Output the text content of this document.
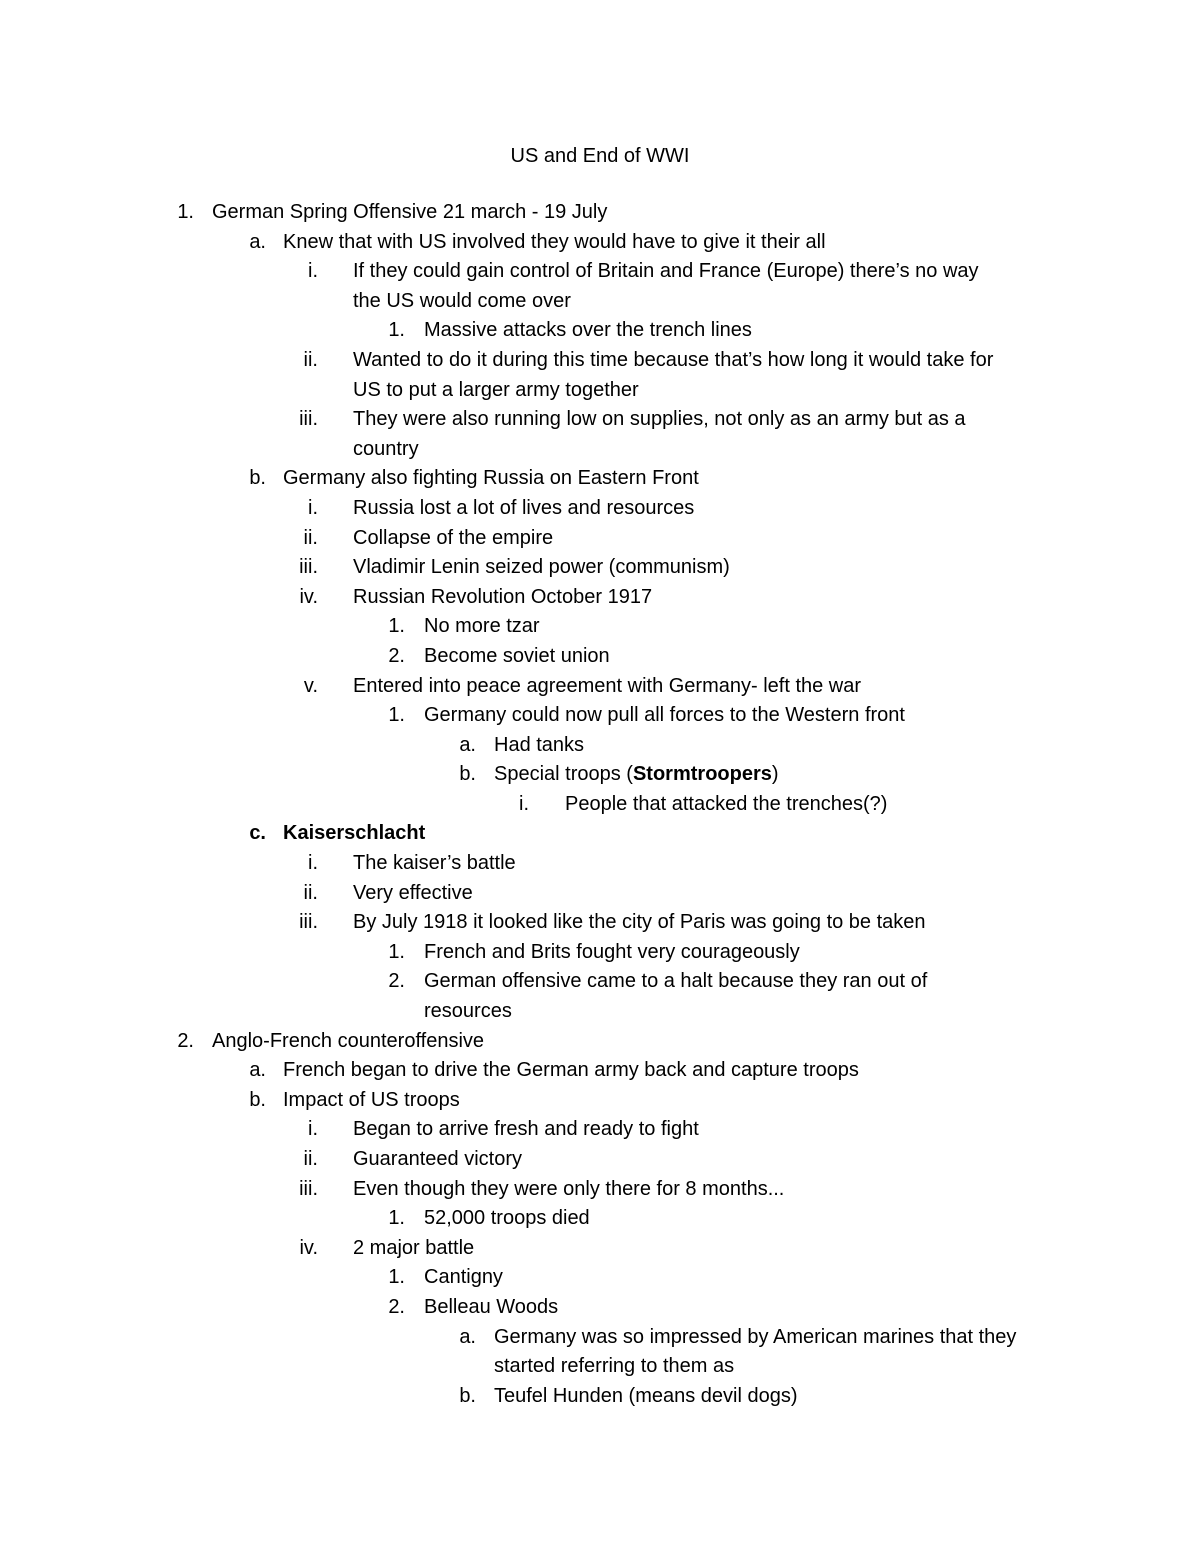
US and End of WWI
1. German Spring Offensive 21 march - 19 July
a. Knew that with US involved they would have to give it their all
i. If they could gain control of Britain and France (Europe) there’s no way
the US would come over
1. Massive attacks over the trench lines
ii. Wanted to do it during this time because that’s how long it would take for
US to put a larger army together
iii. They were also running low on supplies, not only as an army but as a
country
b. Germany also fighting Russia on Eastern Front
i. Russia lost a lot of lives and resources
ii. Collapse of the empire
iii. Vladimir Lenin seized power (communism)
iv. Russian Revolution October 1917
1. No more tzar
2. Become soviet union
v. Entered into peace agreement with Germany- left the war
1. Germany could now pull all forces to the Western front
a. Had tanks
b. Special troops (Stormtroopers)
i. People that attacked the trenches(?)
c. Kaiserschlacht
i. The kaiser’s battle
ii. Very effective
iii. By July 1918 it looked like the city of Paris was going to be taken
1. French and Brits fought very courageously
2. German offensive came to a halt because they ran out of
resources
2. Anglo-French counteroffensive
a. French began to drive the German army back and capture troops
b. Impact of US troops
i. Began to arrive fresh and ready to fight
ii. Guaranteed victory
iii. Even though they were only there for 8 months...
1. 52,000 troops died
iv. 2 major battle
1. Cantigny
2. Belleau Woods
a. Germany was so impressed by American marines that they
started referring to them as
b. Teufel Hunden (means devil dogs)
